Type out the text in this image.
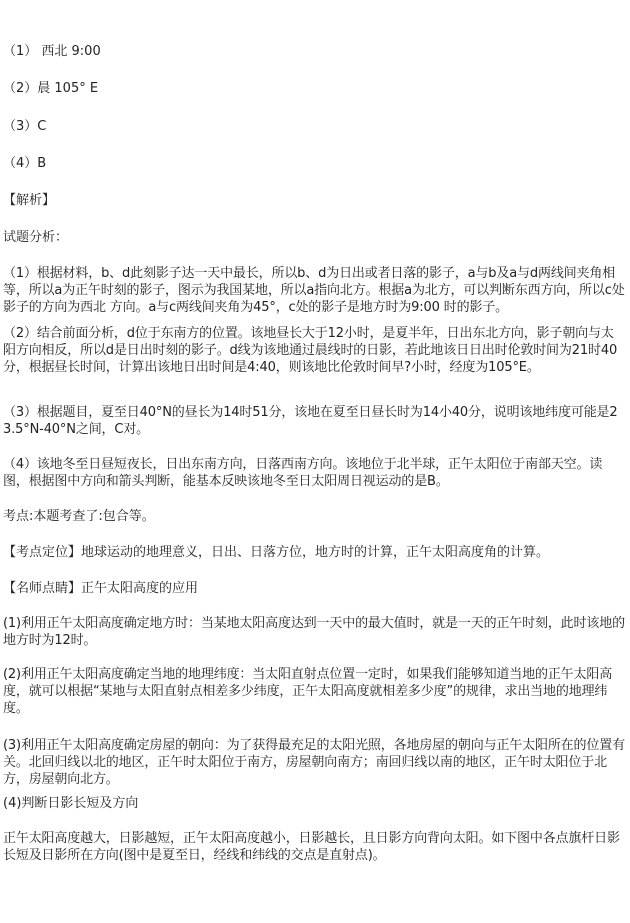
（1） 西北 9:00
（2）晨 105° E
（3）C
（4）B
【解析】
试题分析：
（1）根据材料，b、d此刻影子达一天中最长，所以b、d为日出或者日落的影子，a与b及a与d两线间夹角相等，所以a为正午时刻的影子，图示为我国某地，所以a指向北方。根据a为北方，可以判断东西方向，所以c处影子的方向为西北 方向。a与c两线间夹角为45°，c处的影子是地方时为9:00 时的影子。
（2）结合前面分析，d位于东南方的位置。该地昼长大于12小时，是夏半年，日出东北方向，影子朝向与太阳方向相反，所以d是日出时刻的影子。d线为该地通过晨线时的日影，若此地该日日出时伦敦时间为21时40分，根据昼长时间，计算出该地日出时间是4:40，则该地比伦敦时间早?小时，经度为105°E。
（3）根据题目，夏至日40°N的昼长为14时51分，该地在夏至日昼长时为14小40分，说明该地纬度可能是23.5°N-40°N之间，C对。
（4）该地冬至日昼短夜长，日出东南方向，日落西南方向。该地位于北半球，正午太阳位于南部天空。读图，根据图中方向和箭头判断，能基本反映该地冬至日太阳周日视运动的是B。
考点:本题考查了:包合等。
【考点定位】地球运动的地理意义，日出、日落方位，地方时的计算，正午太阳高度角的计算。
【名师点睛】正午太阳高度的应用
(1)利用正午太阳高度确定地方时：当某地太阳高度达到一天中的最大值时，就是一天的正午时刻，此时该地的地方时为12时。
(2)利用正午太阳高度确定当地的地理纬度：当太阳直射点位置一定时，如果我们能够知道当地的正午太阳高度，就可以根据“某地与太阳直射点相差多少纬度，正午太阳高度就相差多少度”的规律，求出当地的地理纬度。
(3)利用正午太阳高度确定房屋的朝向：为了获得最充足的太阳光照，各地房屋的朝向与正午太阳所在的位置有关。北回归线以北的地区，正午时太阳位于南方，房屋朝向南方；南回归线以南的地区，正午时太阳位于北方，房屋朝向北方。
(4)判断日影长短及方向
正午太阳高度越大，日影越短，正午太阳高度越小，日影越长，且日影方向背向太阳。如下图中各点旗杆日影长短及日影所在方向(图中是夏至日，经线和纬线的交点是直射点)。
